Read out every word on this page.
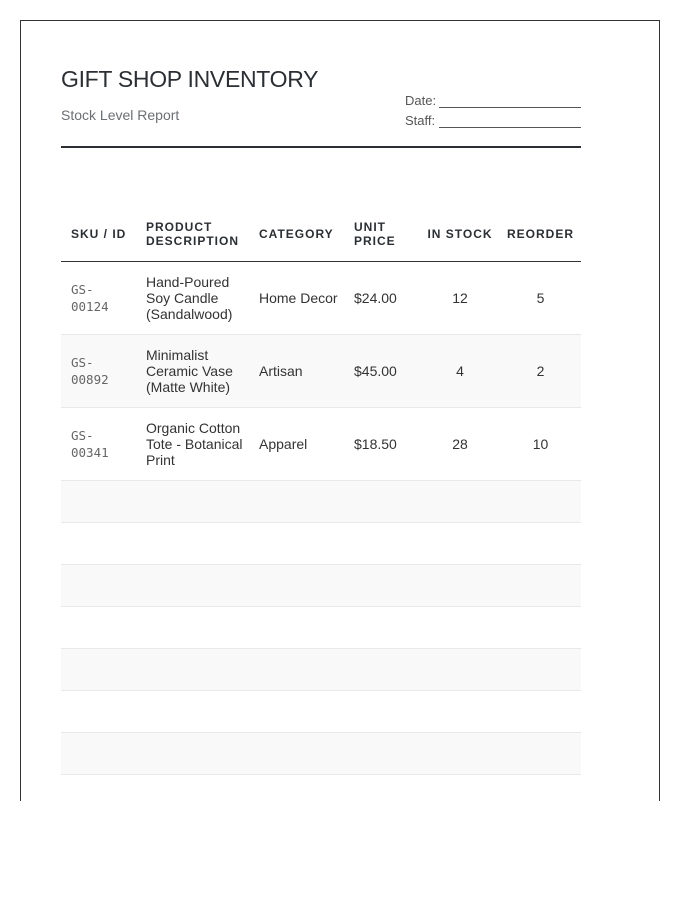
GIFT SHOP INVENTORY
Stock Level Report
Date:
Staff:
SKU / ID	PRODUCT DESCRIPTION	CATEGORY	UNIT PRICE	IN STOCK	REORDER
GS-00124	Hand-Poured Soy Candle (Sandalwood)	Home Decor	$24.00	12	5
GS-00892	Minimalist Ceramic Vase (Matte White)	Artisan	$45.00	4	2
GS-00341	Organic Cotton Tote - Botanical Print	Apparel	$18.50	28	10
